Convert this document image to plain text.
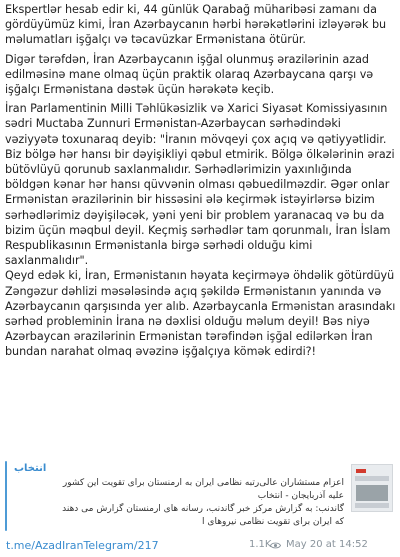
Ekspertlər hesab edir ki, 44 günlük Qarabağ müharibəsi zamanı da gördüyümüz kimi, İran Azərbaycanın hərbi hərəkətlərini izləyərək bu məlumatları işğalçı və təcavüzkar Ermənistana ötürür.

Digər tərəfdən, İran Azərbaycanın işğal olunmuş ərazilərinin azad edilməsinə mane olmaq üçün praktik olaraq Azərbaycana qarşı və işğalçı Ermənistana dəstək üçün hərəkətə keçib.

İran Parlamentinin Milli Təhlükəsizlik və Xarici Siyasət Komissiyasının sədri Muctaba Zunnuri Ermənistan-Azərbaycan sərhədindəki vəziyyətə toxunaraq deyib: "İranın mövqeyi çox açıq və qətiyyətlidir. Biz bölgə hər hansı bir dəyişikliyi qəbul etmirik. Bölgə ölkələrinin ərazi bütövlüyü qorunub saxlanmalıdır. Sərhədlərimizin yaxınlığında böldgən kənar hər hansı qüvvənin olması qəbuedilməzdir. Əgər onlar Ermənistan ərazilərinin bir hissəsini ələ keçirmək istəyirlərsə bizim sərhədlərimiz dəyişiləcək, yəni yeni bir problem yaranacaq və bu da bizim üçün məqbul deyil. Keçmiş sərhədlər tam qorunmalı, İran İslam Respublikasının Ermənistanla birgə sərhədi olduğu kimi saxlanmalıdır".

Qeyd edək ki, İran, Ermənistanın həyata keçirməyə öhdəlik götürdüyü Zəngəzur dəhlizi məsələsində açıq şəkildə Ermənistanın yanında və Azərbaycanın qarşısında yer alıb. Azərbaycanla Ermənistan arasındakı sərhəd probleminin İrana nə dəxlisi olduğu məlum deyil! Bəs niyə Azərbaycan ərazilərinin Ermənistan tərəfindən işğal edilərkən İran bundan narahat olmaq əvəzinə işğalçıya kömək edirdi?!

انتخاب
اعزام مستشاران عالی‌رتبه نظامی ایران به ارمنستان برای تقویت این کشور
علیه آذربایجان - انتخاب
گاندنب: به گزارش مرکز خبر گاندنب، رسانه های ارمنستان گزارش می دهند
که ایران برای تقویت نظامی نیروهای ا
t.me/AzadIranTelegram/217	1.1K May 20 at 14:52
